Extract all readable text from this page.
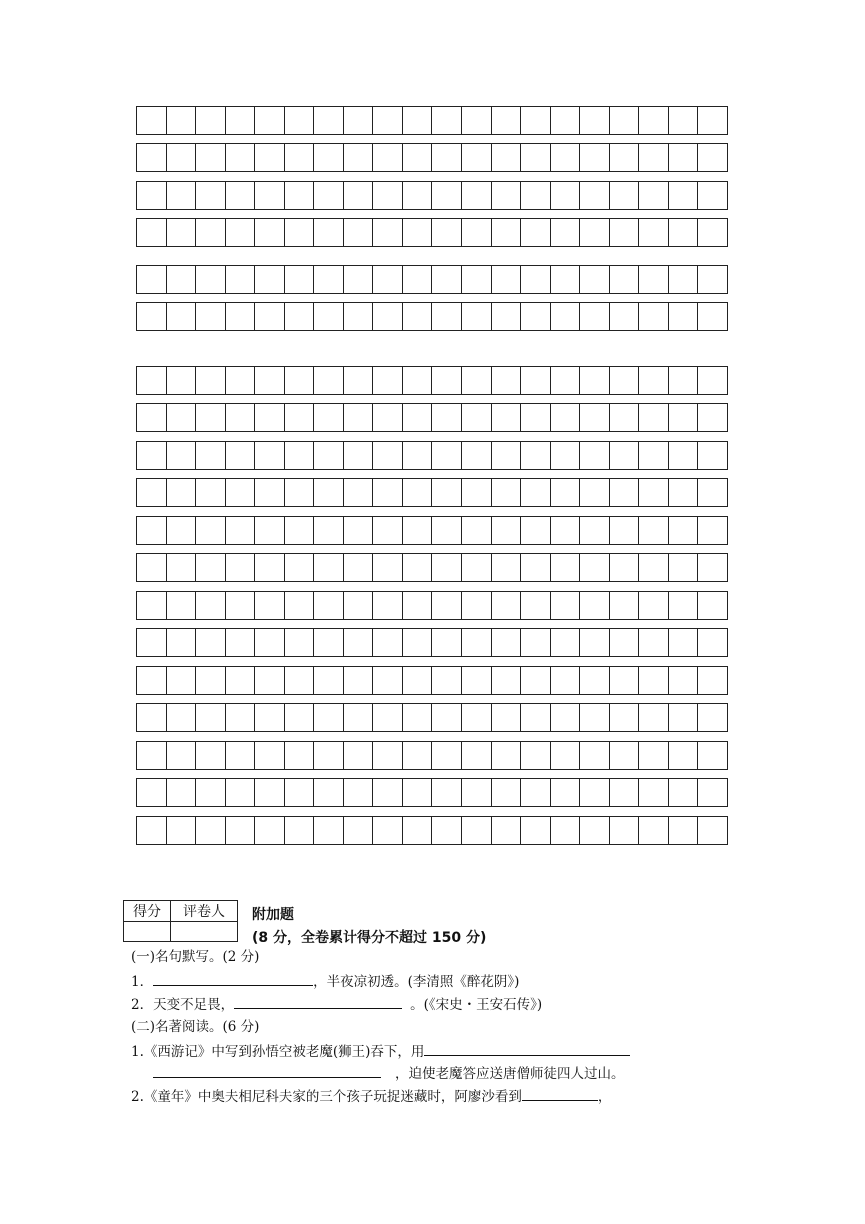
得分	评卷人
	附加题
(8 分，全卷累计得分不超过 150 分)
(一)名句默写。(2 分)
1．	，半夜凉初透。(李清照《醉花阴》)
2．天变不足畏，	。(《宋史・王安石传》)
(二)名著阅读。(6 分)
1.《西游记》中写到孙悟空被老魔(狮王)吞下，用
，迫使老魔答应送唐僧师徒四人过山。
2.《童年》中奥夫相尼科夫家的三个孩子玩捉迷藏时，阿廖沙看到	，
